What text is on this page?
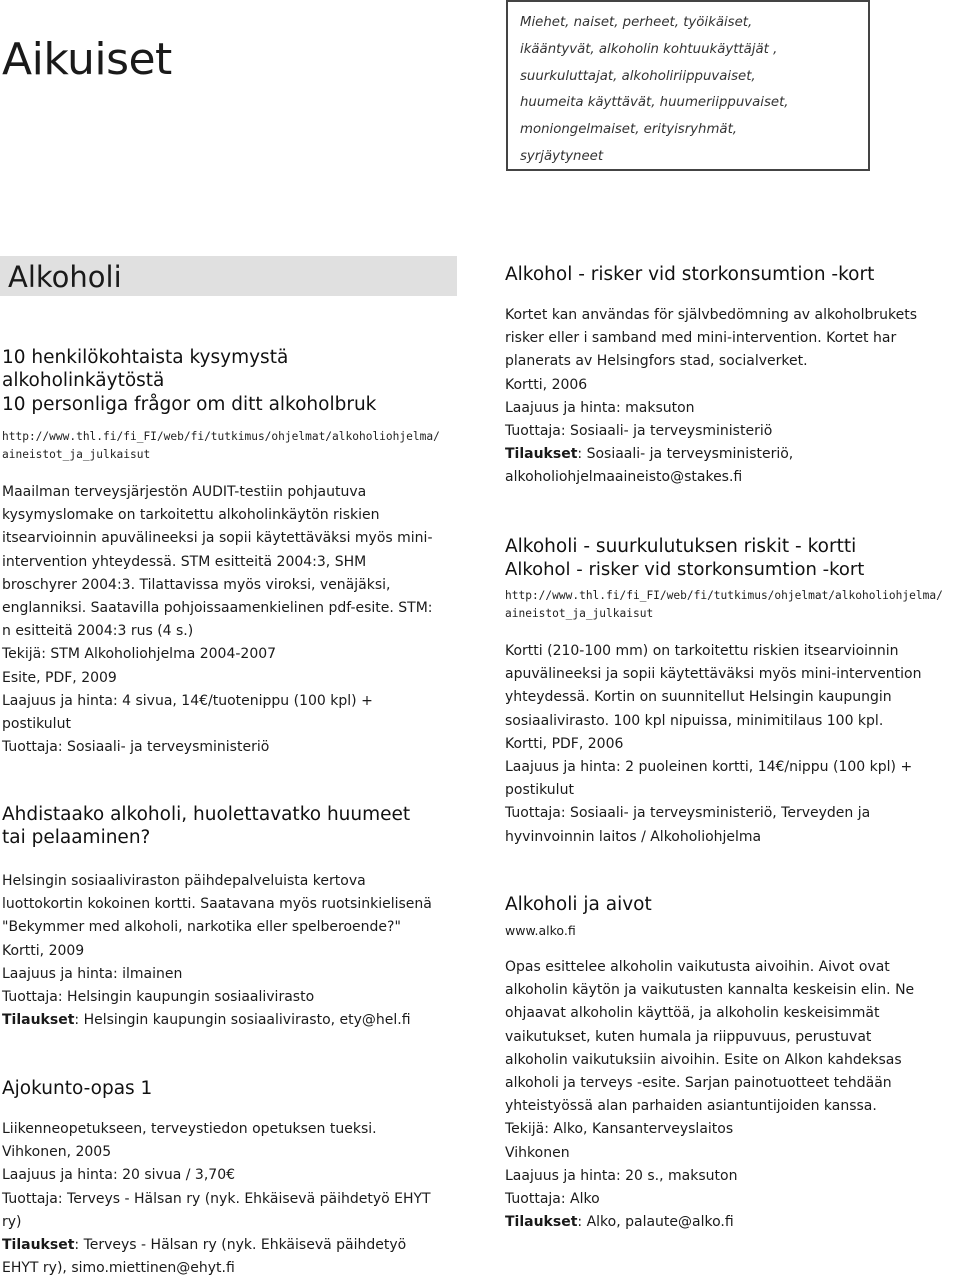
Aikuiset
Miehet, naiset, perheet, työikäiset,
ikääntyvät, alkoholin kohtuukäyttäjät ,
suurkuluttajat, alkoholiriippuvaiset,
huumeita käyttävät, huumeriippuvaiset,
moniongelmaiset, erityisryhmät,
syrjäytyneet
Alkoholi
10 henkilökohtaista kysymystä
alkoholinkäytöstä
10 personliga frågor om ditt alkoholbruk
http://www.thl.fi/fi_FI/web/fi/tutkimus/ohjelmat/alkoholiohjelma/
aineistot_ja_julkaisut
Maailman terveysjärjestön AUDIT-testiin pohjautuva
kysymyslomake on tarkoitettu alkoholinkäytön riskien
itsearvioinnin apuvälineeksi ja sopii käytettäväksi myös mini-
intervention yhteydessä. STM esitteitä 2004:3, SHM
broschyrer 2004:3. Tilattavissa myös viroksi, venäjäksi,
englanniksi. Saatavilla pohjoissaamenkielinen pdf-esite. STM:
n esitteitä 2004:3 rus (4 s.)
Tekijä: STM Alkoholiohjelma 2004-2007
Esite, PDF, 2009
Laajuus ja hinta: 4 sivua, 14€/tuotenippu (100 kpl) +
postikulut
Tuottaja: Sosiaali- ja terveysministeriö
Ahdistaako alkoholi, huolettavatko huumeet
tai pelaaminen?
Helsingin sosiaaliviraston päihdepalveluista kertova
luottokortin kokoinen kortti. Saatavana myös ruotsinkielisenä
"Bekymmer med alkoholi, narkotika eller spelberoende?"
Kortti, 2009
Laajuus ja hinta: ilmainen
Tuottaja: Helsingin kaupungin sosiaalivirasto
Tilaukset: Helsingin kaupungin sosiaalivirasto, ety@hel.fi
Ajokunto-opas 1
Liikenneopetukseen, terveystiedon opetuksen tueksi.
Vihkonen, 2005
Laajuus ja hinta: 20 sivua / 3,70€
Tuottaja: Terveys - Hälsan ry (nyk. Ehkäisevä päihdetyö EHYT
ry)
Tilaukset: Terveys - Hälsan ry (nyk. Ehkäisevä päihdetyö
EHYT ry), simo.miettinen@ehyt.fi
Alkohol - risker vid storkonsumtion -kort
Kortet kan användas för självbedömning av alkoholbrukets
risker eller i samband med mini-intervention. Kortet har
planerats av Helsingfors stad, socialverket.
Kortti, 2006
Laajuus ja hinta: maksuton
Tuottaja: Sosiaali- ja terveysministeriö
Tilaukset: Sosiaali- ja terveysministeriö,
alkoholiohjelmaaineisto@stakes.fi
Alkoholi - suurkulutuksen riskit - kortti
Alkohol - risker vid storkonsumtion -kort
http://www.thl.fi/fi_FI/web/fi/tutkimus/ohjelmat/alkoholiohjelma/
aineistot_ja_julkaisut
Kortti (210-100 mm) on tarkoitettu riskien itsearvioinnin
apuvälineeksi ja sopii käytettäväksi myös mini-intervention
yhteydessä. Kortin on suunnitellut Helsingin kaupungin
sosiaalivirasto. 100 kpl nipuissa, minimitilaus 100 kpl.
Kortti, PDF, 2006
Laajuus ja hinta: 2 puoleinen kortti, 14€/nippu (100 kpl) +
postikulut
Tuottaja: Sosiaali- ja terveysministeriö, Terveyden ja
hyvinvoinnin laitos / Alkoholiohjelma
Alkoholi ja aivot
www.alko.fi
Opas esittelee alkoholin vaikutusta aivoihin. Aivot ovat
alkoholin käytön ja vaikutusten kannalta keskeisin elin. Ne
ohjaavat alkoholin käyttöä, ja alkoholin keskeisimmät
vaikutukset, kuten humala ja riippuvuus, perustuvat
alkoholin vaikutuksiin aivoihin. Esite on Alkon kahdeksas
alkoholi ja terveys -esite. Sarjan painotuotteet tehdään
yhteistyössä alan parhaiden asiantuntijoiden kanssa.
Tekijä: Alko, Kansanterveyslaitos
Vihkonen
Laajuus ja hinta: 20 s., maksuton
Tuottaja: Alko
Tilaukset: Alko, palaute@alko.fi
